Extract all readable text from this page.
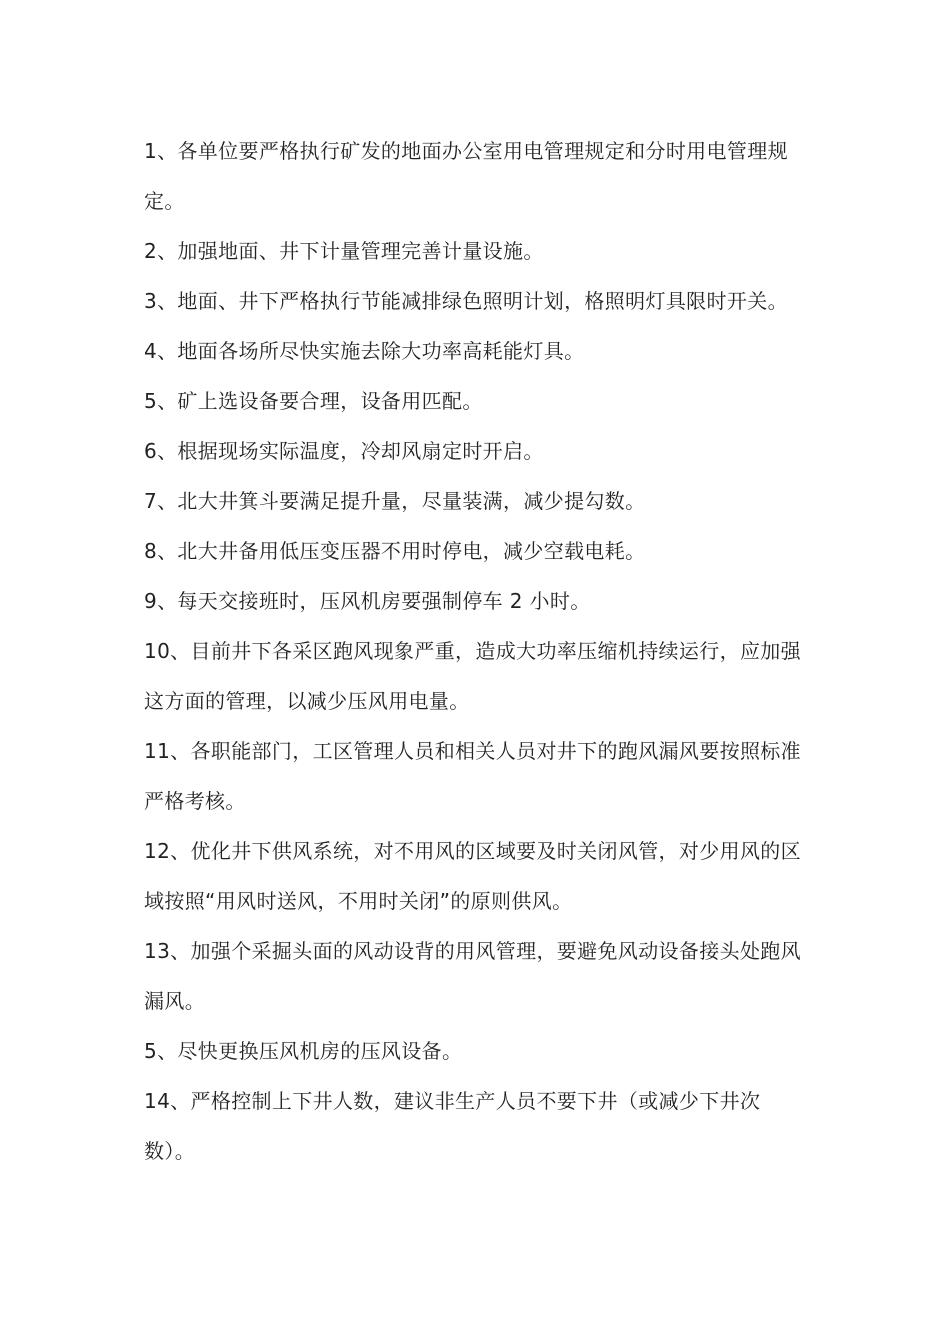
1、各单位要严格执行矿发的地面办公室用电管理规定和分时用电管理规定。

2、加强地面、井下计量管理完善计量设施。

3、地面、井下严格执行节能减排绿色照明计划，格照明灯具限时开关。

4、地面各场所尽快实施去除大功率高耗能灯具。

5、矿上选设备要合理，设备用匹配。

6、根据现场实际温度，冷却风扇定时开启。

7、北大井箕斗要满足提升量，尽量装满，减少提勾数。

8、北大井备用低压变压器不用时停电，减少空载电耗。

9、每天交接班时，压风机房要强制停车 2 小时。

10、目前井下各采区跑风现象严重，造成大功率压缩机持续运行，应加强这方面的管理，以减少压风用电量。

11、各职能部门，工区管理人员和相关人员对井下的跑风漏风要按照标准严格考核。

12、优化井下供风系统，对不用风的区域要及时关闭风管，对少用风的区域按照“用风时送风，不用时关闭”的原则供风。

13、加强个采掘头面的风动设背的用风管理，要避免风动设备接头处跑风漏风。

5、尽快更换压风机房的压风设备。

14、严格控制上下井人数，建议非生产人员不要下井（或减少下井次数）。
